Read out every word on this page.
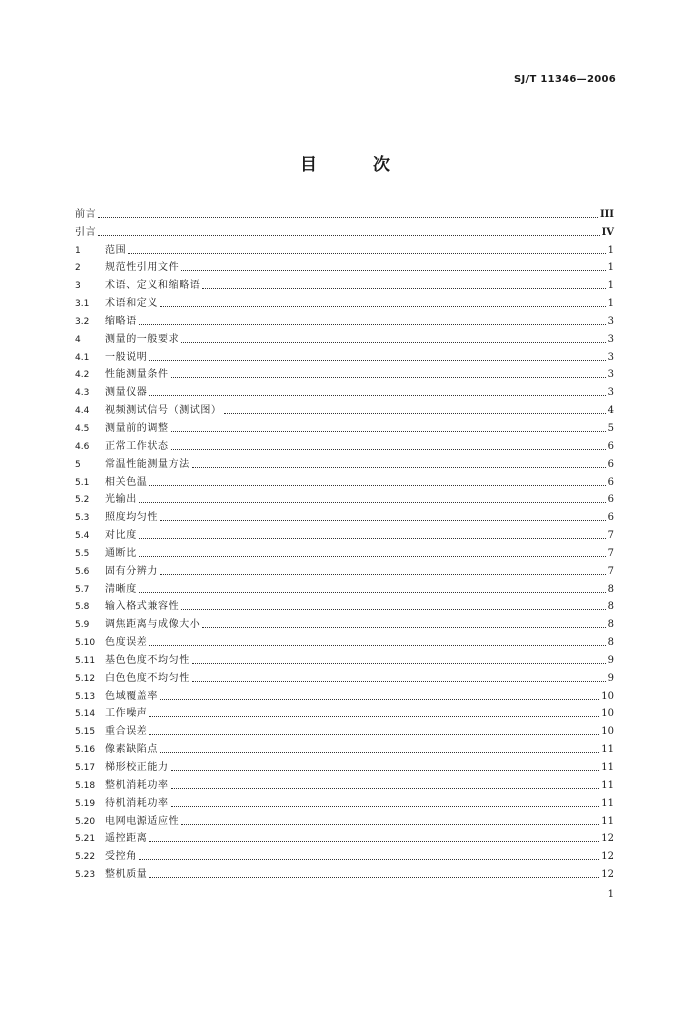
SJ/T 11346—2006
目	次
前言	III
引言	IV
1	范围	1
2	规范性引用文件	1
3	术语、定义和缩略语	1
3.1	术语和定义	1
3.2	缩略语	3
4	测量的一般要求	3
4.1	一般说明	3
4.2	性能测量条件	3
4.3	测量仪器	3
4.4	视频测试信号（测试图）	4
4.5	测量前的调整	5
4.6	正常工作状态	6
5	常温性能测量方法	6
5.1	相关色温	6
5.2	光输出	6
5.3	照度均匀性	6
5.4	对比度	7
5.5	通断比	7
5.6	固有分辨力	7
5.7	清晰度	8
5.8	输入格式兼容性	8
5.9	调焦距离与成像大小	8
5.10 色度误差	8
5.11 基色色度不均匀性	9
5.12 白色色度不均匀性	9
5.13 色域覆盖率	10
5.14 工作噪声	10
5.15 重合误差	10
5.16 像素缺陷点	11
5.17 梯形校正能力	11
5.18 整机消耗功率	11
5.19 待机消耗功率	11
5.20 电网电源适应性	11
5.21 遥控距离	12
5.22 受控角	12
5.23 整机质量	12
1
